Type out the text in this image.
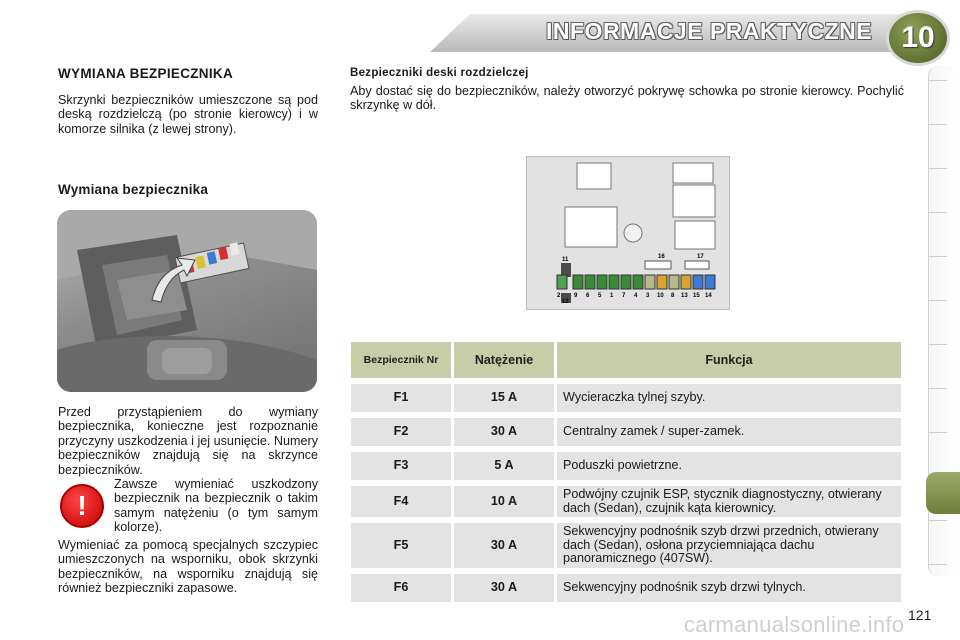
INFORMACJE PRAKTYCZNE 10
WYMIANA BEZPIECZNIKA

Skrzynki bezpieczników umieszczone są pod deską rozdzielczą (po stronie kierowcy) i w komorze silnika (z lewej strony).

Wymiana bezpiecznika

Przed przystąpieniem do wymiany bezpiecznika, konieczne jest rozpoznanie przyczyny uszkodzenia i jej usunięcie. Numery bezpieczników znajdują się na skrzynce bezpieczników.

!

Zawsze wymieniać uszkodzony bezpiecznik na bezpiecznik o takim samym natężeniu (o tym samym kolorze).

Wymieniać za pomocą specjalnych szczypiec umieszczonych na wsporniku, obok skrzynki bezpieczników, na wsporniku znajdują się również bezpieczniki zapasowe.

Bezpieczniki deski rozdzielczej

Aby dostać się do bezpieczników, należy otworzyć pokrywę schowka po stronie kierowcy. Pochylić skrzynkę w dół.

16	17
11
12
2 9 6 5 1 7 4 3 10 8 13 15 14
Bezpiecznik Nr	Natężenie	Funkcja
F1	15 A	Wycieraczka tylnej szyby.
F2	30 A	Centralny zamek / super-zamek.
F3	5 A	Poduszki powietrzne.
F4	10 A	Podwójny czujnik ESP, stycznik diagnostyczny, otwierany dach (Sedan), czujnik kąta kierownicy.
F5	30 A	Sekwencyjny podnośnik szyb drzwi przednich, otwierany dach (Sedan), osłona przyciemniająca dachu panoramicznego (407SW).
F6	30 A	Sekwencyjny podnośnik szyb drzwi tylnych.
carmanualsonline.info 121
